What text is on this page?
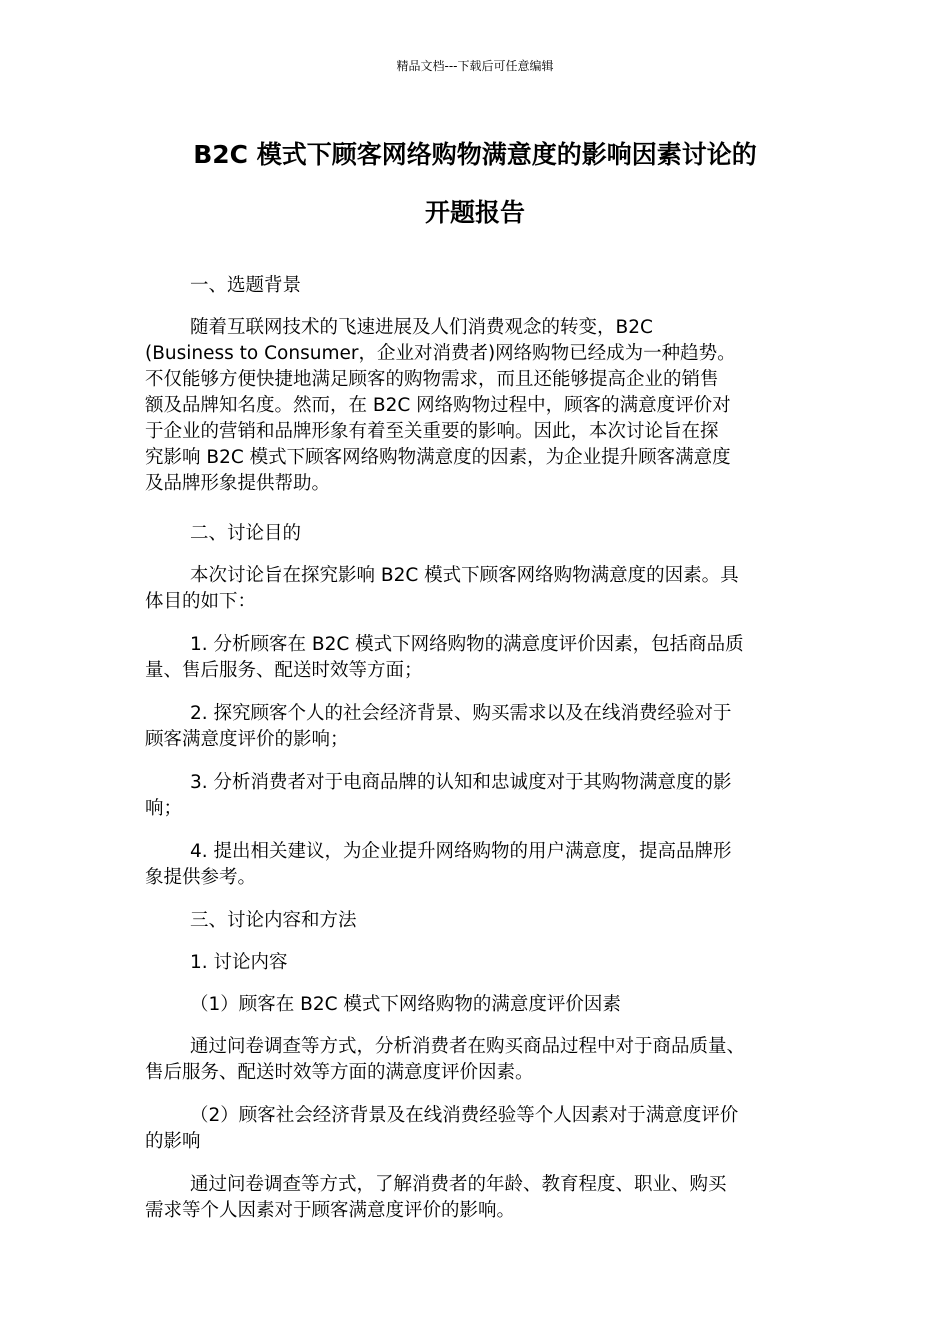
精品文档---下载后可任意编辑
B2C 模式下顾客网络购物满意度的影响因素讨论的
开题报告
一、选题背景
随着互联网技术的飞速进展及人们消费观念的转变，B2C
(Business to Consumer，企业对消费者)网络购物已经成为一种趋势。
不仅能够方便快捷地满足顾客的购物需求，而且还能够提高企业的销售
额及品牌知名度。然而，在 B2C 网络购物过程中，顾客的满意度评价对
于企业的营销和品牌形象有着至关重要的影响。因此，本次讨论旨在探
究影响 B2C 模式下顾客网络购物满意度的因素，为企业提升顾客满意度
及品牌形象提供帮助。
二、讨论目的
本次讨论旨在探究影响 B2C 模式下顾客网络购物满意度的因素。具
体目的如下：
1. 分析顾客在 B2C 模式下网络购物的满意度评价因素，包括商品质
量、售后服务、配送时效等方面；
2. 探究顾客个人的社会经济背景、购买需求以及在线消费经验对于
顾客满意度评价的影响；
3. 分析消费者对于电商品牌的认知和忠诚度对于其购物满意度的影
响；
4. 提出相关建议，为企业提升网络购物的用户满意度，提高品牌形
象提供参考。
三、讨论内容和方法
1. 讨论内容
（1）顾客在 B2C 模式下网络购物的满意度评价因素
通过问卷调查等方式，分析消费者在购买商品过程中对于商品质量、
售后服务、配送时效等方面的满意度评价因素。
（2）顾客社会经济背景及在线消费经验等个人因素对于满意度评价
的影响
通过问卷调查等方式，了解消费者的年龄、教育程度、职业、购买
需求等个人因素对于顾客满意度评价的影响。
